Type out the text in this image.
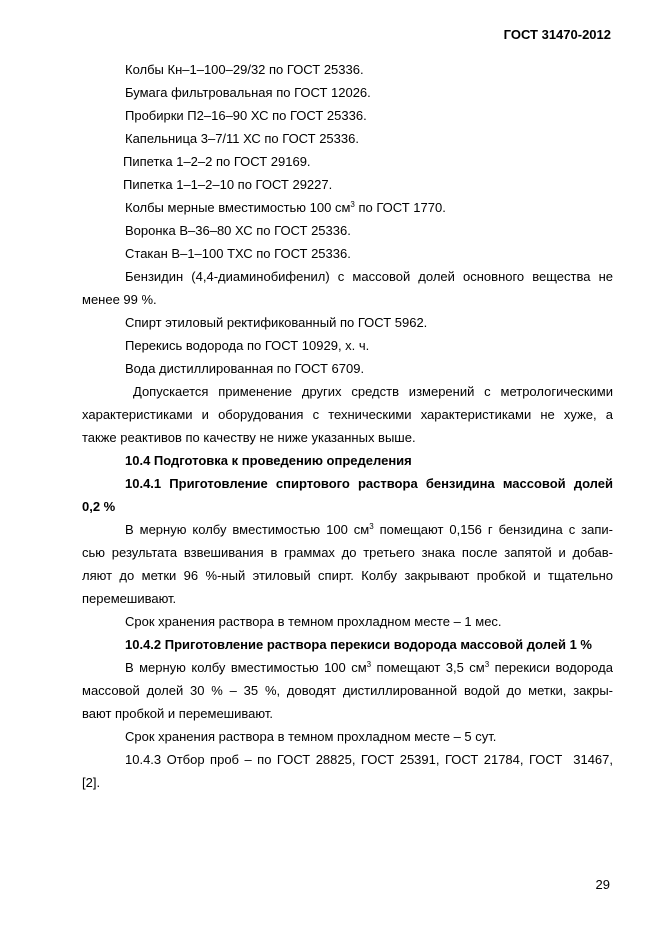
ГОСТ 31470-2012
Колбы Кн–1–100–29/32 по ГОСТ 25336.
Бумага фильтровальная по ГОСТ 12026.
Пробирки П2–16–90 ХС по ГОСТ 25336.
Капельница 3–7/11 ХС по ГОСТ 25336.
Пипетка 1–2–2 по ГОСТ 29169.
Пипетка 1–1–2–10 по ГОСТ 29227.
Колбы мерные вместимостью 100 $см^3$ по ГОСТ 1770.
Воронка В–36–80 ХС по ГОСТ 25336.
Стакан В–1–100 ТХС по ГОСТ 25336.
Бензидин (4,4-диаминобифенил) с массовой долей основного вещества не
менее 99 %.
Спирт этиловый ректификованный по ГОСТ 5962.
Перекись водорода по ГОСТ 10929, х. ч.
Вода дистиллированная по ГОСТ 6709.
Допускается применение других средств измерений с метрологическими
характеристиками и оборудования с техническими характеристиками не хуже, а
также реактивов по качеству не ниже указанных выше.
10.4 Подготовка к проведению определения
10.4.1 Приготовление спиртового раствора бензидина массовой долей
0,2 %
В мерную колбу вместимостью 100 $см^3$ помещают 0,156 г бензидина с запи-
сью результата взвешивания в граммах до третьего знака после запятой и добав-
ляют до метки 96 %-ный этиловый спирт. Колбу закрывают пробкой и тщательно
перемешивают.
Срок хранения раствора в темном прохладном месте – 1 мес.
10.4.2 Приготовление раствора перекиси водорода массовой долей 1 %
В мерную колбу вместимостью 100 $см^3$ помещают 3,5 $см^3$ перекиси водорода
массовой долей 30 % – 35 %, доводят дистиллированной водой до метки, закры-
вают пробкой и перемешивают.
Срок хранения раствора в темном прохладном месте – 5 сут.
10.4.3 Отбор проб – по ГОСТ 28825, ГОСТ 25391, ГОСТ 21784, ГОСТ  31467,
[2].
29
